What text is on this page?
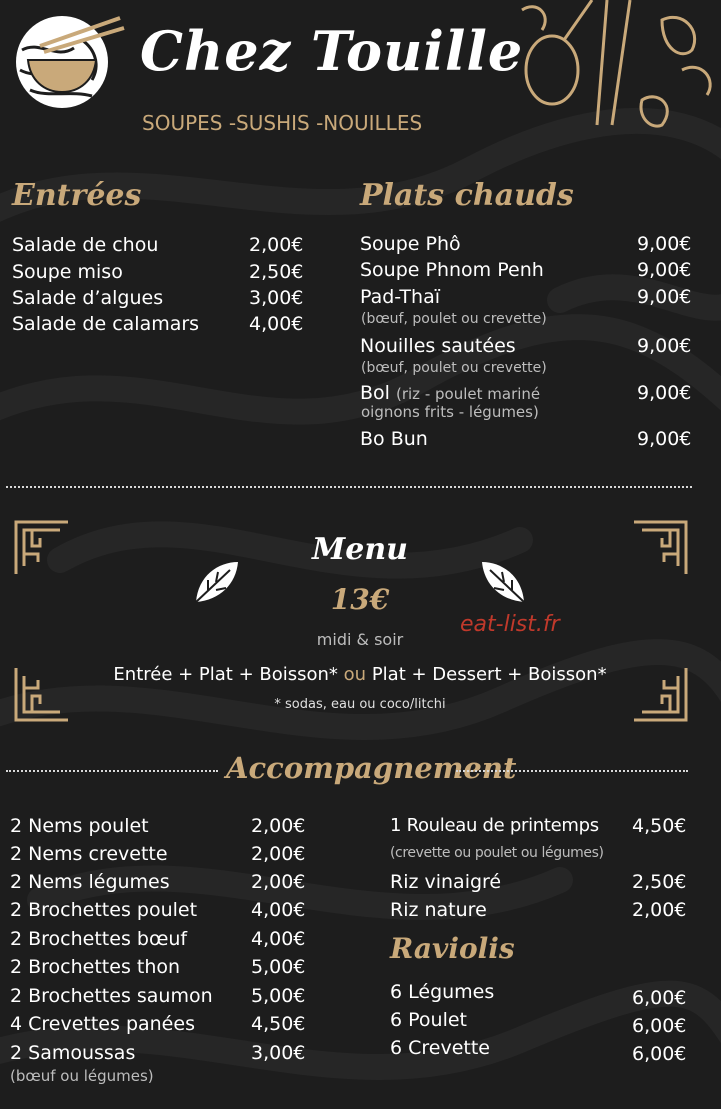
Chez Touille
SOUPES -SUSHIS -NOUILLES
Entrées
Salade de chou	2,00€
Soupe miso	2,50€
Salade d’algues	3,00€
Salade de calamars	4,00€
Plats chauds
Soupe Phô	9,00€
Soupe Phnom Penh	9,00€
Pad-Thaï	9,00€
(bœuf, poulet ou crevette)
Nouilles sautées	9,00€
(bœuf, poulet ou crevette)
Bol (riz - poulet mariné	9,00€
oignons frits - légumes)
Bo Bun	9,00€
Menu
13€
midi & soir
eat-list.fr
Entrée + Plat + Boisson* ou Plat + Dessert + Boisson*
* sodas, eau ou coco/litchi
Accompagnement
2 Nems poulet	2,00€
2 Nems crevette	2,00€
2 Nems légumes	2,00€
2 Brochettes poulet	4,00€
2 Brochettes bœuf	4,00€
2 Brochettes thon	5,00€
2 Brochettes saumon 5,00€
4 Crevettes panées	4,50€
2 Samoussas	3,00€
(bœuf ou légumes)
1 Rouleau de printemps 4,50€
(crevette ou poulet ou légumes)
Riz vinaigré	2,50€
Riz nature	2,00€
Raviolis
6 Légumes	6,00€
6 Poulet	6,00€
6 Crevette	6,00€
